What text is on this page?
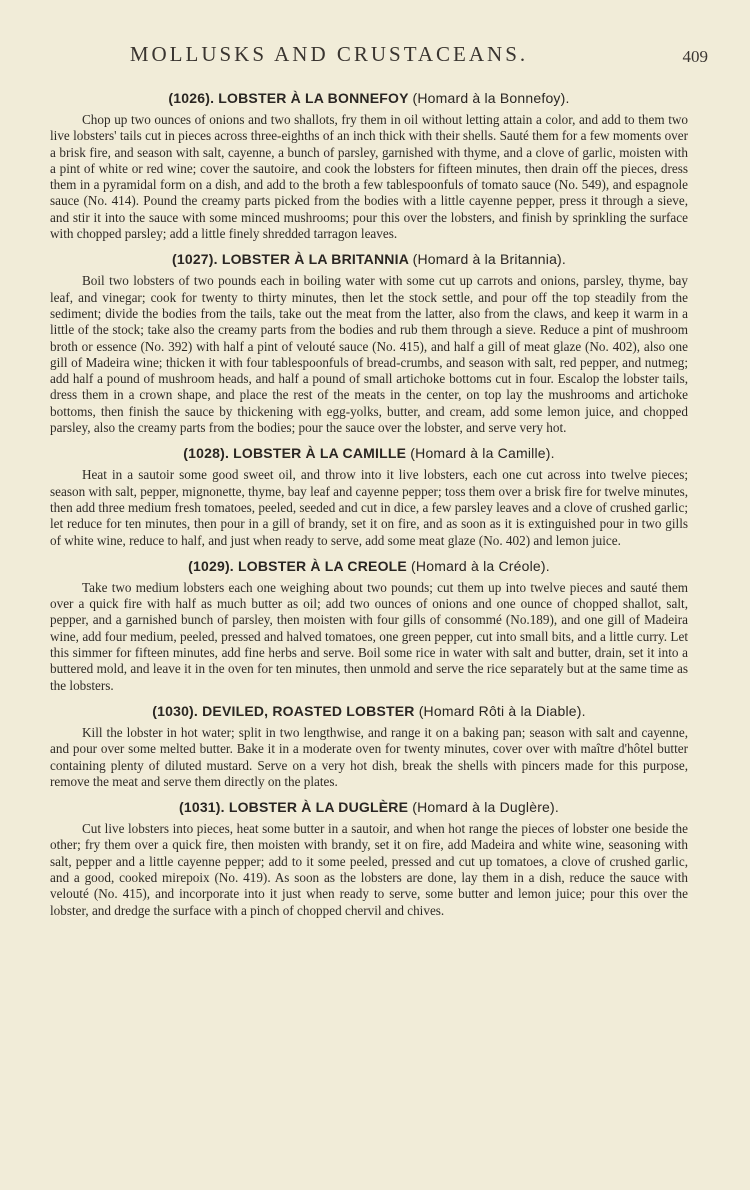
MOLLUSKS AND CRUSTACEANS.	409
(1026). LOBSTER À LA BONNEFOY (Homard à la Bonnefoy).

Chop up two ounces of onions and two shallots, fry them in oil without letting attain a color, and add to them two live lobsters' tails cut in pieces across three-eighths of an inch thick with their shells. Sauté them for a few moments over a brisk fire, and season with salt, cayenne, a bunch of parsley, garnished with thyme, and a clove of garlic, moisten with a pint of white or red wine; cover the sautoire, and cook the lobsters for fifteen minutes, then drain off the pieces, dress them in a pyramidal form on a dish, and add to the broth a few tablespoonfuls of tomato sauce (No. 549), and espagnole sauce (No. 414). Pound the creamy parts picked from the bodies with a little cayenne pepper, press it through a sieve, and stir it into the sauce with some minced mushrooms; pour this over the lobsters, and finish by sprinkling the surface with chopped parsley; add a little finely shredded tarragon leaves.

(1027). LOBSTER À LA BRITANNIA (Homard à la Britannia).

Boil two lobsters of two pounds each in boiling water with some cut up carrots and onions, parsley, thyme, bay leaf, and vinegar; cook for twenty to thirty minutes, then let the stock settle, and pour off the top steadily from the sediment; divide the bodies from the tails, take out the meat from the latter, also from the claws, and keep it warm in a little of the stock; take also the creamy parts from the bodies and rub them through a sieve. Reduce a pint of mushroom broth or essence (No. 392) with half a pint of velouté sauce (No. 415), and half a gill of meat glaze (No. 402), also one gill of Madeira wine; thicken it with four tablespoonfuls of bread-crumbs, and season with salt, red pepper, and nutmeg; add half a pound of mushroom heads, and half a pound of small artichoke bottoms cut in four. Escalop the lobster tails, dress them in a crown shape, and place the rest of the meats in the center, on top lay the mushrooms and artichoke bottoms, then finish the sauce by thickening with egg-yolks, butter, and cream, add some lemon juice, and chopped parsley, also the creamy parts from the bodies; pour the sauce over the lobster, and serve very hot.

(1028). LOBSTER À LA CAMILLE (Homard à la Camille).

Heat in a sautoir some good sweet oil, and throw into it live lobsters, each one cut across into twelve pieces; season with salt, pepper, mignonette, thyme, bay leaf and cayenne pepper; toss them over a brisk fire for twelve minutes, then add three medium fresh tomatoes, peeled, seeded and cut in dice, a few parsley leaves and a clove of crushed garlic; let reduce for ten minutes, then pour in a gill of brandy, set it on fire, and as soon as it is extinguished pour in two gills of white wine, reduce to half, and just when ready to serve, add some meat glaze (No. 402) and lemon juice.

(1029). LOBSTER À LA CREOLE (Homard à la Créole).

Take two medium lobsters each one weighing about two pounds; cut them up into twelve pieces and sauté them over a quick fire with half as much butter as oil; add two ounces of onions and one ounce of chopped shallot, salt, pepper, and a garnished bunch of parsley, then moisten with four gills of consommé (No.189), and one gill of Madeira wine, add four medium, peeled, pressed and halved tomatoes, one green pepper, cut into small bits, and a little curry. Let this simmer for fifteen minutes, add fine herbs and serve. Boil some rice in water with salt and butter, drain, set it into a buttered mold, and leave it in the oven for ten minutes, then unmold and serve the rice separately but at the same time as the lobsters.

(1030). DEVILED, ROASTED LOBSTER (Homard Rôti à la Diable).

Kill the lobster in hot water; split in two lengthwise, and range it on a baking pan; season with salt and cayenne, and pour over some melted butter. Bake it in a moderate oven for twenty minutes, cover over with maître d'hôtel butter containing plenty of diluted mustard. Serve on a very hot dish, break the shells with pincers made for this purpose, remove the meat and serve them directly on the plates.

(1031). LOBSTER À LA DUGLÈRE (Homard à la Duglère).

Cut live lobsters into pieces, heat some butter in a sautoir, and when hot range the pieces of lobster one beside the other; fry them over a quick fire, then moisten with brandy, set it on fire, add Madeira and white wine, seasoning with salt, pepper and a little cayenne pepper; add to it some peeled, pressed and cut up tomatoes, a clove of crushed garlic, and a good, cooked mirepoix (No. 419). As soon as the lobsters are done, lay them in a dish, reduce the sauce with velouté (No. 415), and incorporate into it just when ready to serve, some butter and lemon juice; pour this over the lobster, and dredge the surface with a pinch of chopped chervil and chives.
